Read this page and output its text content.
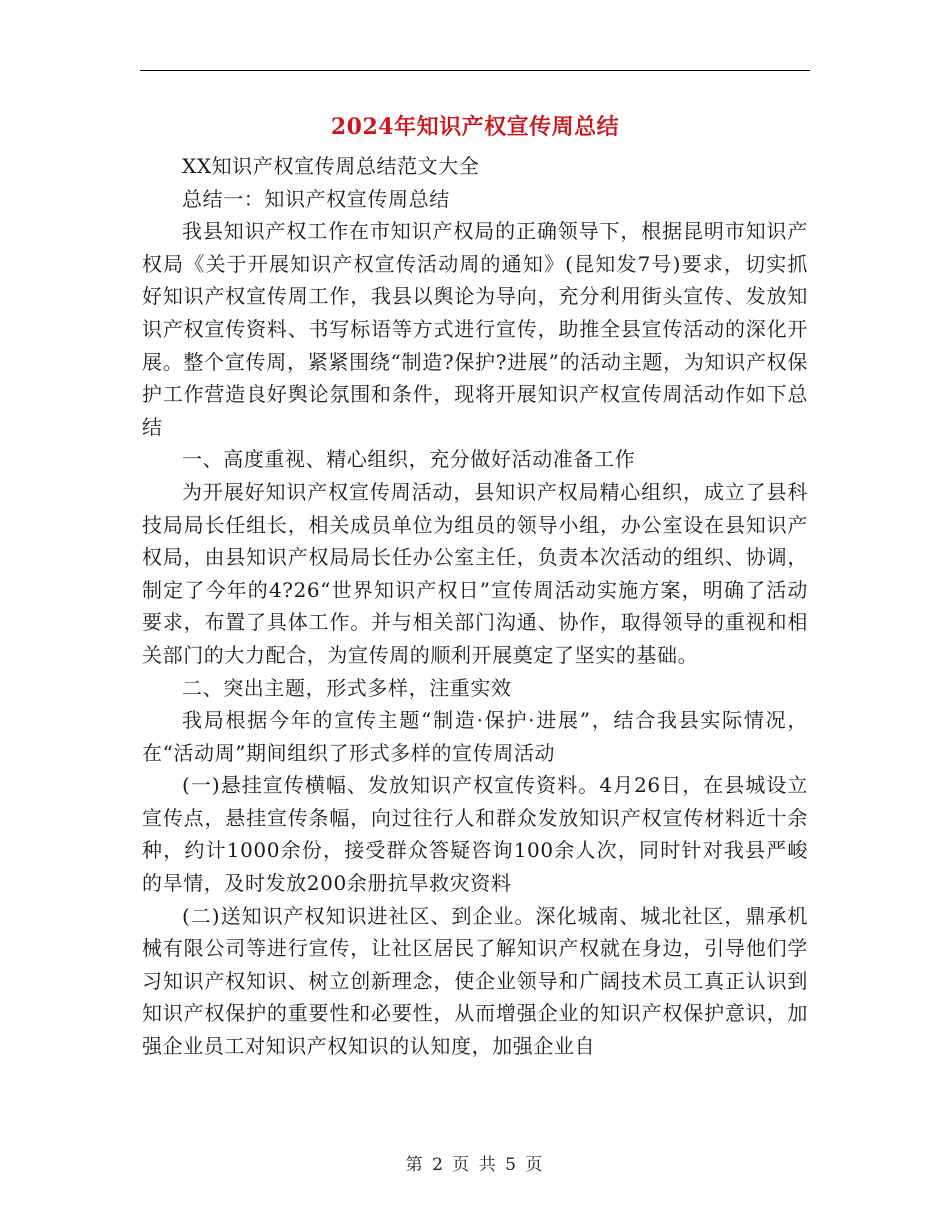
2024年知识产权宣传周总结

XX知识产权宣传周总结范文大全

总结一：知识产权宣传周总结

我县知识产权工作在市知识产权局的正确领导下，根据昆明市知识产权局《关于开展知识产权宣传活动周的通知》(昆知发7号)要求，切实抓好知识产权宣传周工作，我县以舆论为导向，充分利用街头宣传、发放知识产权宣传资料、书写标语等方式进行宣传，助推全县宣传活动的深化开展。整个宣传周，紧紧围绕“制造?保护?进展”的活动主题，为知识产权保护工作营造良好舆论氛围和条件，现将开展知识产权宣传周活动作如下总结

一、高度重视、精心组织，充分做好活动准备工作

为开展好知识产权宣传周活动，县知识产权局精心组织，成立了县科技局局长任组长，相关成员单位为组员的领导小组，办公室设在县知识产权局，由县知识产权局局长任办公室主任，负责本次活动的组织、协调，制定了今年的4?26“世界知识产权日”宣传周活动实施方案，明确了活动要求，布置了具体工作。并与相关部门沟通、协作，取得领导的重视和相关部门的大力配合，为宣传周的顺利开展奠定了坚实的基础。

二、突出主题，形式多样，注重实效

我局根据今年的宣传主题“制造·保护·进展”，结合我县实际情况，在“活动周”期间组织了形式多样的宣传周活动

(一)悬挂宣传横幅、发放知识产权宣传资料。4月26日，在县城设立宣传点，悬挂宣传条幅，向过往行人和群众发放知识产权宣传材料近十余种，约计1000余份，接受群众答疑咨询100余人次，同时针对我县严峻的旱情，及时发放200余册抗旱救灾资料

(二)送知识产权知识进社区、到企业。深化城南、城北社区，鼎承机械有限公司等进行宣传，让社区居民了解知识产权就在身边，引导他们学习知识产权知识、树立创新理念，使企业领导和广阔技术员工真正认识到知识产权保护的重要性和必要性，从而增强企业的知识产权保护意识，加强企业员工对知识产权知识的认知度，加强企业自

第 2 页 共 5 页
